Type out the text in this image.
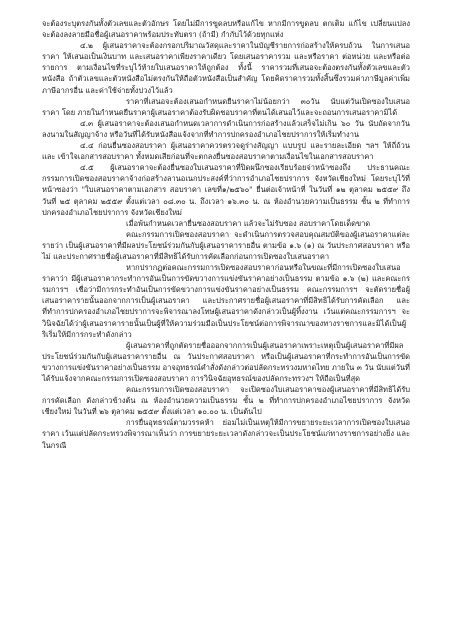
จะต้องระบุตรงกันทั้งตัวเลขและตัวอักษร โดยไม่มีการขูดลบหรือแก้ไข หากมีการขูดลบ ตกเติม แก้ไข เปลี่ยนแปลง จะต้องลงลายมือชื่อผู้เสนอราคาพร้อมประทับตรา (ถ้ามี) กำกับไว้ด้วยทุกแห่ง

๔.๒ ผู้เสนอราคาจะต้องกรอกปริมาณวัสดุและราคาในบัญชีรายการก่อสร้างให้ครบถ้วน ในการเสนอราคา ให้เสนอเป็นเงินบาท และเสนอราคาเพียงราคาเดียว โดยเสนอราคารวม และหรือราคา ต่อหน่วย และหรือต่อรายการ ตามเงื่อนไขที่ระบุไว้ท้ายใบเสนอราคาให้ถูกต้อง ทั้งนี้ ราคารวมที่เสนอจะต้องตรงกันทั้งตัวเลขและตัวหนังสือ ถ้าตัวเลขและตัวหนังสือไม่ตรงกันให้ถือตัวหนังสือเป็นสำคัญ โดยคิดราคารวมทั้งสิ้นซึ่งรวมค่าภาษีมูลค่าเพิ่ม ภาษีอากรอื่น และค่าใช้จ่ายทั้งปวงไว้แล้ว

ราคาที่เสนอจะต้องเสนอกำหนดยืนราคาไม่น้อยกว่า ๓๐วัน นับแต่วันเปิดซองใบเสนอราคา โดย ภายในกำหนดยืนราคาผู้เสนอราคาต้องรับผิดชอบราคาที่ตนได้เสนอไว้และจะถอนการเสนอราคามิได้

๔.๓ ผู้เสนอราคาจะต้องเสนอกำหนดเวลาการดำเนินการก่อสร้างแล้วเสร็จไม่เกิน ๖๐ วัน นับถัดจากวันลงนามในสัญญาจ้าง หรือวันที่ได้รับหนังสือแจ้งจากที่ทำการปกครองอำเภอไชยปราการให้เริ่มทำงาน

๔.๔ ก่อนยื่นซองสอบราคา ผู้เสนอราคาควรตรวจดูร่างสัญญา แบบรูป และรายละเอียด ฯลฯ ให้ถี่ถ้วนและ เข้าใจเอกสารสอบราคา ทั้งหมดเสียก่อนที่จะตกลงยื่นซองสอบราคาตามเงื่อนไขในเอกสารสอบราคา

๔.๕ ผู้เสนอราคาจะต้องยื่นซองใบเสนอราคาที่ปิดผนึกซองเรียบร้อยจ่าหน้าซองถึง ประธานคณะกรรมการเปิดซองสอบราคาจ้างก่อสร้างลานอเนกประสงค์ที่ว่าการอำเภอไชยปราการ จังหวัดเชียงใหม่ โดยระบุไว้ที่หน้าซองว่า "ใบเสนอราคาตามเอกสาร สอบราคา เลขที่๑/๒๕๖๐" ยื่นต่อเจ้าหน้าที่ ในวันที่ ๑๒ ตุลาคม ๒๕๕๙ ถึง วันที่ ๒๕ ตุลาคม ๒๕๕๙ ตั้งแต่เวลา ๐๘.๓๐ น. ถึงเวลา ๑๖.๓๐ น. ณ ห้องอำนวยความเป็นธรรม ชั้น ๒ ที่ทำการปกครองอำเภอไชยปราการ จังหวัดเชียงใหม่

เมื่อพ้นกำหนดเวลายื่นซองสอบราคา แล้วจะไม่รับซอง สอบราคาโดยเด็ดขาด

คณะกรรมการเปิดซองสอบราคา จะดำเนินการตรวจสอบคุณสมบัติของผู้เสนอราคาแต่ละรายว่า เป็นผู้เสนอราคาที่มีผลประโยชน์ร่วมกันกับผู้เสนอราคารายอื่น ตามข้อ ๑.๖ (๑) ณ วันประกาศสอบราคา หรือไม่ และประกาศรายชื่อผู้เสนอราคาที่มีสิทธิได้รับการคัดเลือกก่อนการเปิดซองใบเสนอราคา

หากปรากฏต่อคณะกรรมการเปิดซองสอบราคาก่อนหรือในขณะที่มีการเปิดซองใบเสนอราคาว่า มีผู้เสนอราคากระทำการอันเป็นการขัดขวางการแข่งขันราคาอย่างเป็นธรรม ตามข้อ ๑.๖ (๒) และคณะกรรมการฯ เชื่อว่ามีการกระทำอันเป็นการขัดขวางการแข่งขันราคาอย่างเป็นธรรม คณะกรรมการฯ จะตัดรายชื่อผู้เสนอราคารายนั้นออกจากการเป็นผู้เสนอราคา และประกาศรายชื่อผู้เสนอราคาที่มีสิทธิได้รับการคัดเลือก และที่ทำการปกครองอำเภอไชยปราการจะพิจารณาลงโทษผู้เสนอราคาดังกล่าวเป็นผู้ทิ้งงาน เว้นแต่คณะกรรมการฯ จะวินิจฉัยได้ว่าผู้เสนอราคารายนั้นเป็นผู้ที่ให้ความร่วมมือเป็นประโยชน์ต่อการพิจารณาของทางราชการและมิได้เป็นผู้ริเริ่มให้มีการกระทำดังกล่าว

ผู้เสนอราคาที่ถูกตัดรายชื่อออกจากการเป็นผู้เสนอราคาเพราะเหตุเป็นผู้เสนอราคาที่มีผลประโยชน์ร่วมกันกับผู้เสนอราคารายอื่น ณ วันประกาศสอบราคา หรือเป็นผู้เสนอราคาที่กระทำการอันเป็นการขัดขวางการแข่งขันราคาอย่างเป็นธรรม อาจอุทธรณ์คำสั่งดังกล่าวต่อปลัดกระทรวงมหาดไทย ภายใน ๓ วัน นับแต่วันที่ได้รับแจ้งจากคณะกรรมการเปิดซองสอบราคา การวินิจฉัยอุทธรณ์ของปลัดกระทรวงฯ ให้ถือเป็นที่สุด

คณะกรรมการเปิดซองสอบราคา จะเปิดซองใบเสนอราคาของผู้เสนอราคาที่มีสิทธิได้รับการคัดเลือก ดังกล่าวข้างต้น ณ ห้องอำนวยความเป็นธรรม ชั้น ๒ ที่ทำการปกครองอำเภอไชยปราการ จังหวัดเชียงใหม่ ในวันที่ ๒๖ ตุลาคม ๒๕๕๙ ตั้งแต่เวลา ๑๐.๐๐ น. เป็นต้นไป

การยื่นอุทธรณ์ตามวรรคห้า ย่อมไม่เป็นเหตุให้มีการขยายระยะเวลาการเปิดซองใบเสนอราคา เว้นแต่ปลัดกระทรวงพิจารณาเห็นว่า การขยายระยะเวลาดังกล่าวจะเป็นประโยชน์แก่ทางราชการอย่างยิ่ง และในกรณี
